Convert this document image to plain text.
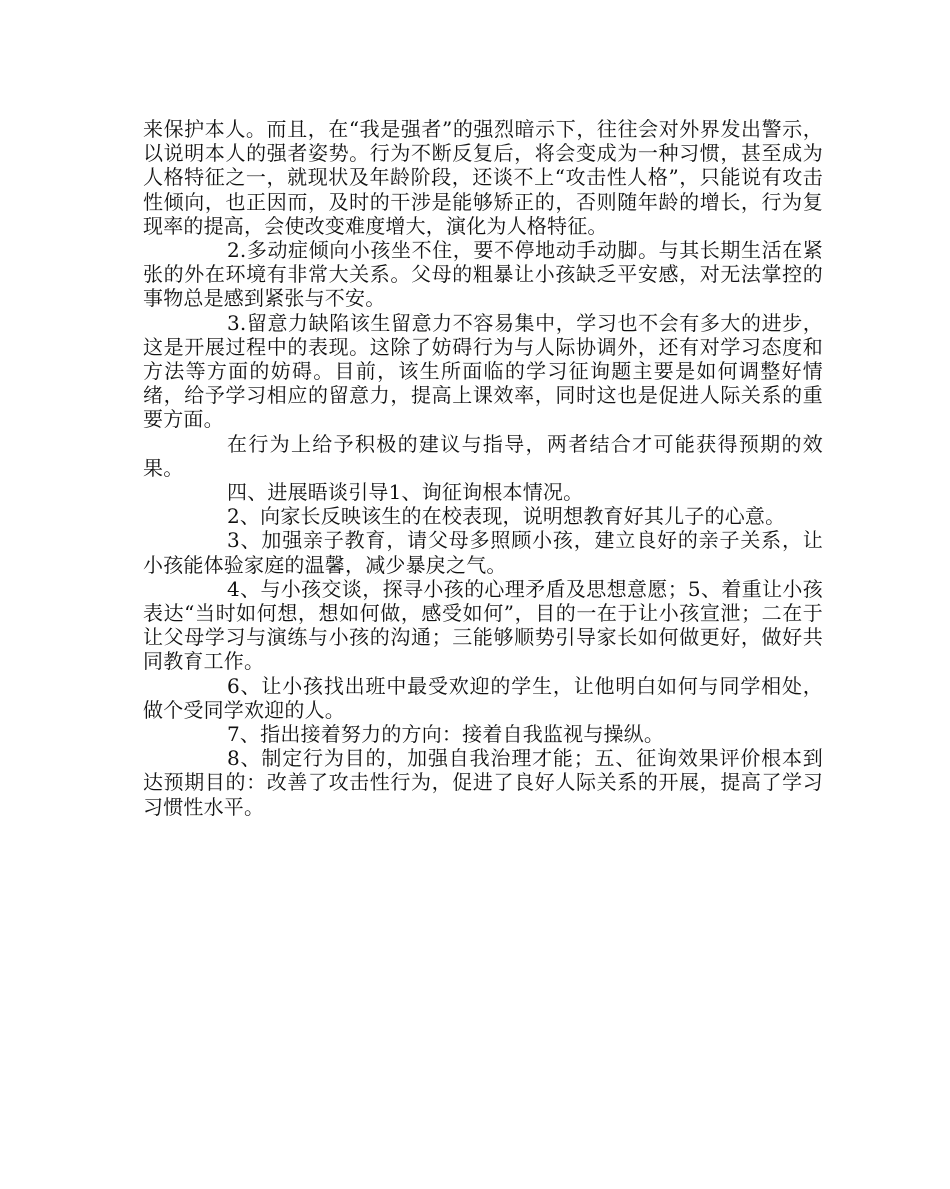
来保护本人。而且，在“我是强者”的强烈暗示下，往往会对外界发出警示，以说明本人的强者姿势。行为不断反复后，将会变成为一种习惯，甚至成为人格特征之一，就现状及年龄阶段，还谈不上“攻击性人格”，只能说有攻击性倾向，也正因而，及时的干涉是能够矫正的，否则随年龄的增长，行为复现率的提高，会使改变难度增大，演化为人格特征。

2.多动症倾向小孩坐不住，要不停地动手动脚。与其长期生活在紧张的外在环境有非常大关系。父母的粗暴让小孩缺乏平安感，对无法掌控的事物总是感到紧张与不安。

3.留意力缺陷该生留意力不容易集中，学习也不会有多大的进步，这是开展过程中的表现。这除了妨碍行为与人际协调外，还有对学习态度和方法等方面的妨碍。目前，该生所面临的学习征询题主要是如何调整好情绪，给予学习相应的留意力，提高上课效率，同时这也是促进人际关系的重要方面。

在行为上给予积极的建议与指导，两者结合才可能获得预期的效果。

四、进展晤谈引导1、询征询根本情况。

2、向家长反映该生的在校表现，说明想教育好其儿子的心意。

3、加强亲子教育，请父母多照顾小孩，建立良好的亲子关系，让小孩能体验家庭的温馨，减少暴戾之气。

4、与小孩交谈，探寻小孩的心理矛盾及思想意愿；5、着重让小孩表达“当时如何想，想如何做，感受如何”，目的一在于让小孩宣泄；二在于让父母学习与演练与小孩的沟通；三能够顺势引导家长如何做更好，做好共同教育工作。

6、让小孩找出班中最受欢迎的学生，让他明白如何与同学相处，做个受同学欢迎的人。

7、指出接着努力的方向：接着自我监视与操纵。

8、制定行为目的，加强自我治理才能；五、征询效果评价根本到达预期目的：改善了攻击性行为，促进了良好人际关系的开展，提高了学习习惯性水平。
